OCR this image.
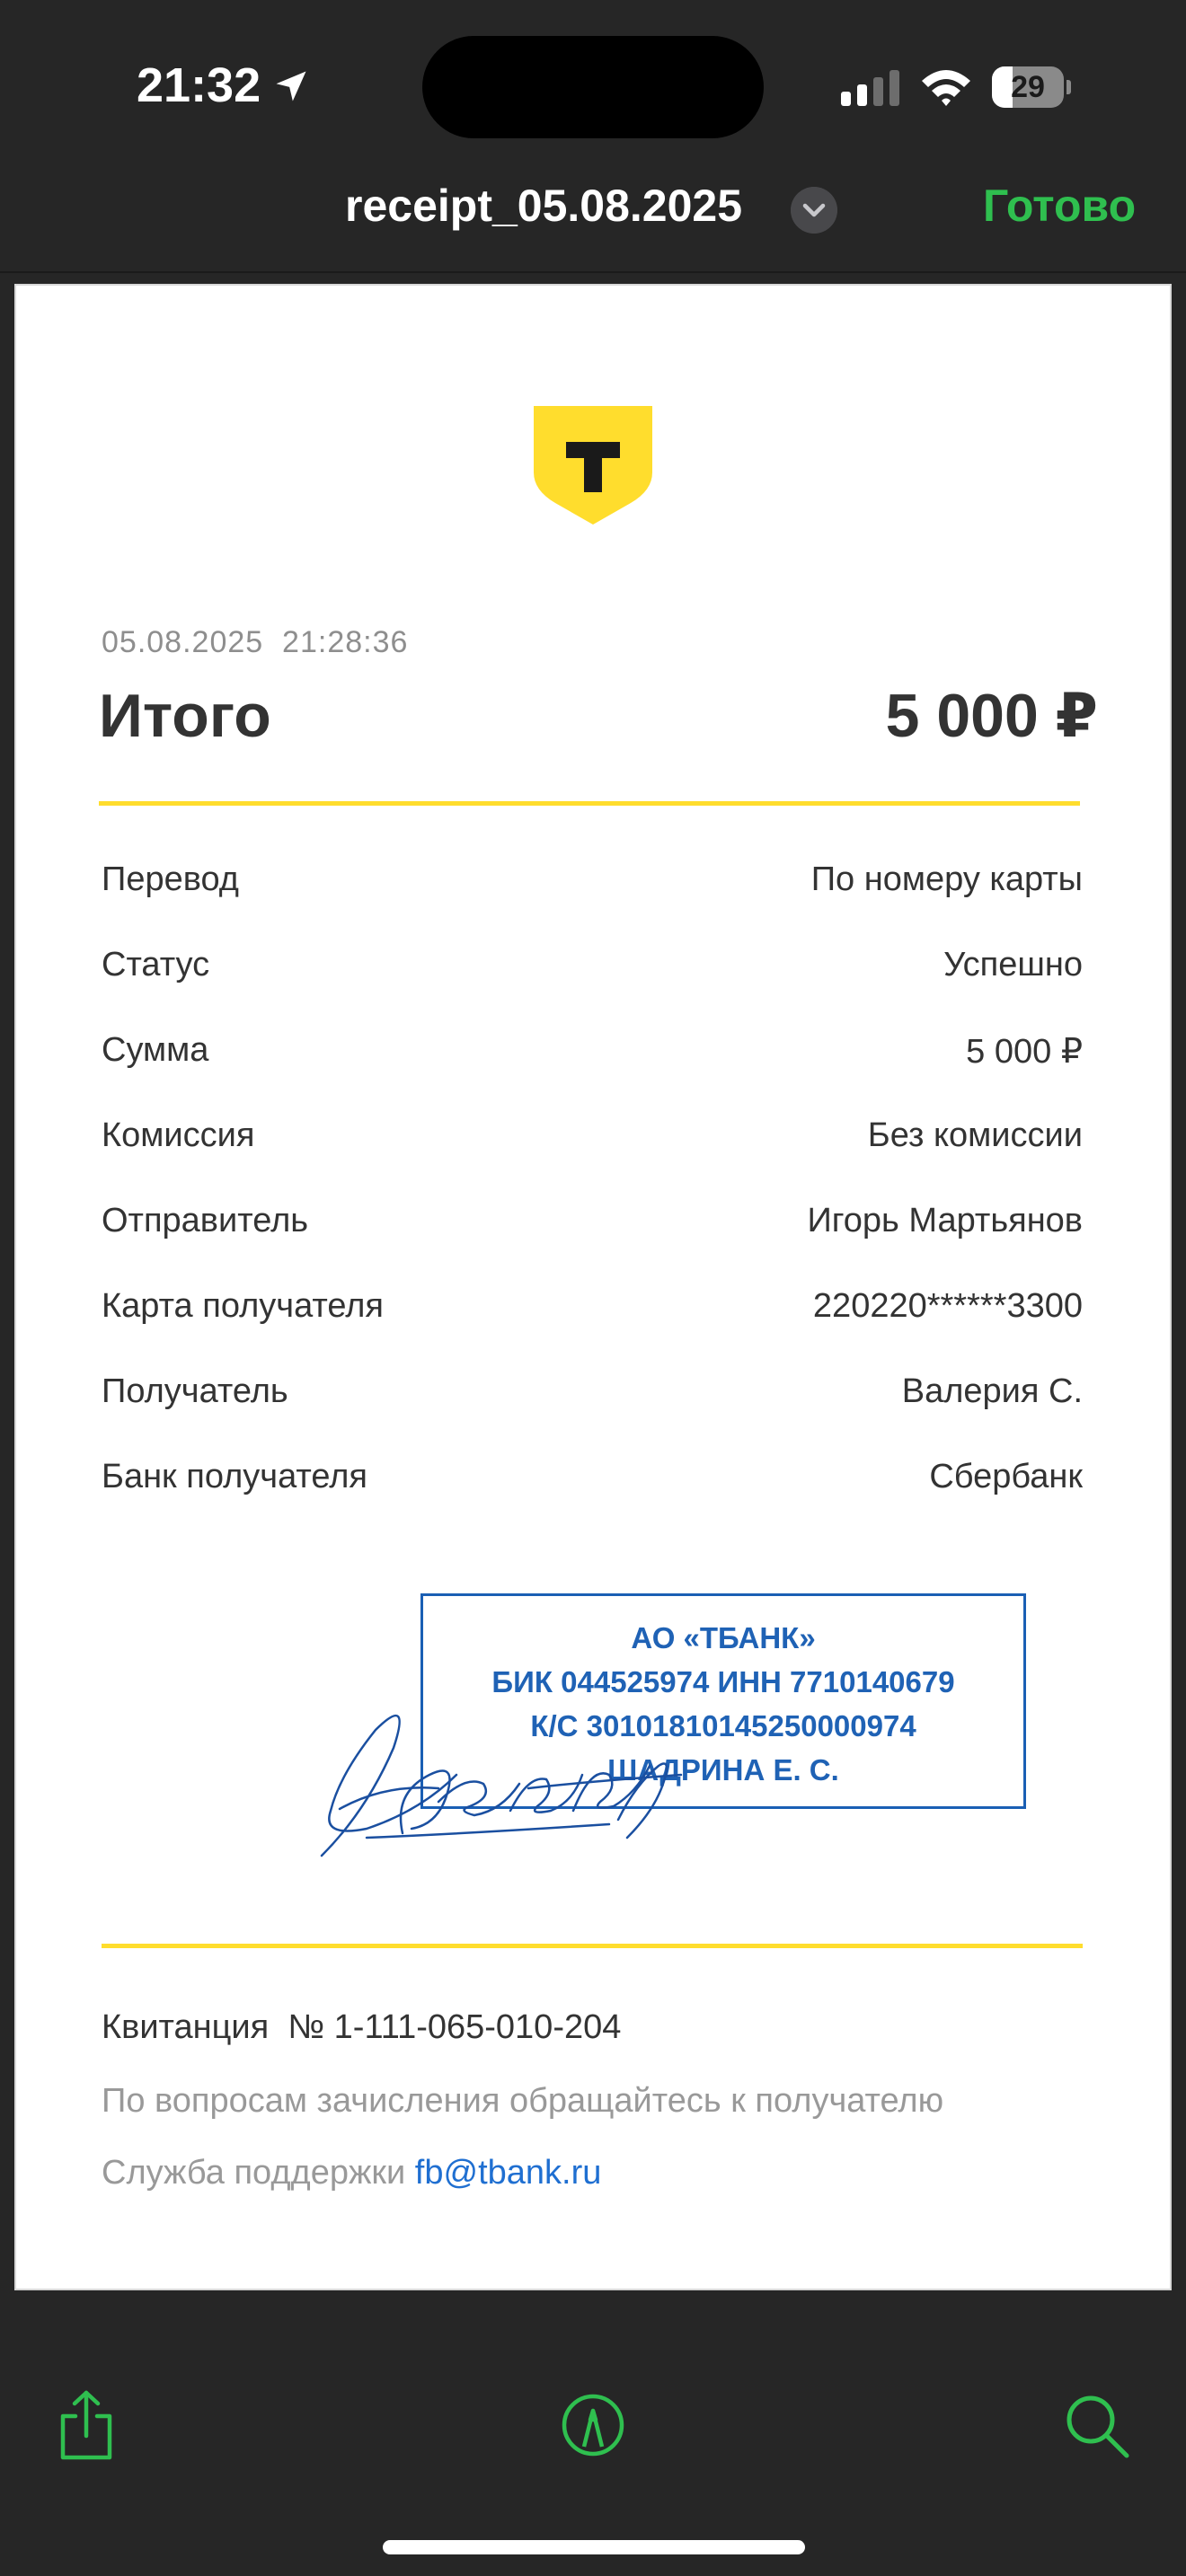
21:32	29
receipt_05.08.2025	Готово
05.08.2025  21:28:36
Итого	5 000 ₽
Перевод	По номеру карты
Статус	Успешно
Сумма	5 000 ₽
Комиссия	Без комиссии
Отправитель	Игорь Мартьянов
Карта получателя	220220******3300
Получатель	Валерия С.
Банк получателя	Сбербанк
АО «ТБАНК»
БИК 044525974 ИНН 7710140679
К/С 30101810145250000974
ШАДРИНА Е. С.
Квитанция  № 1-111-065-010-204
По вопросам зачисления обращайтесь к получателю
Служба поддержки fb@tbank.ru
